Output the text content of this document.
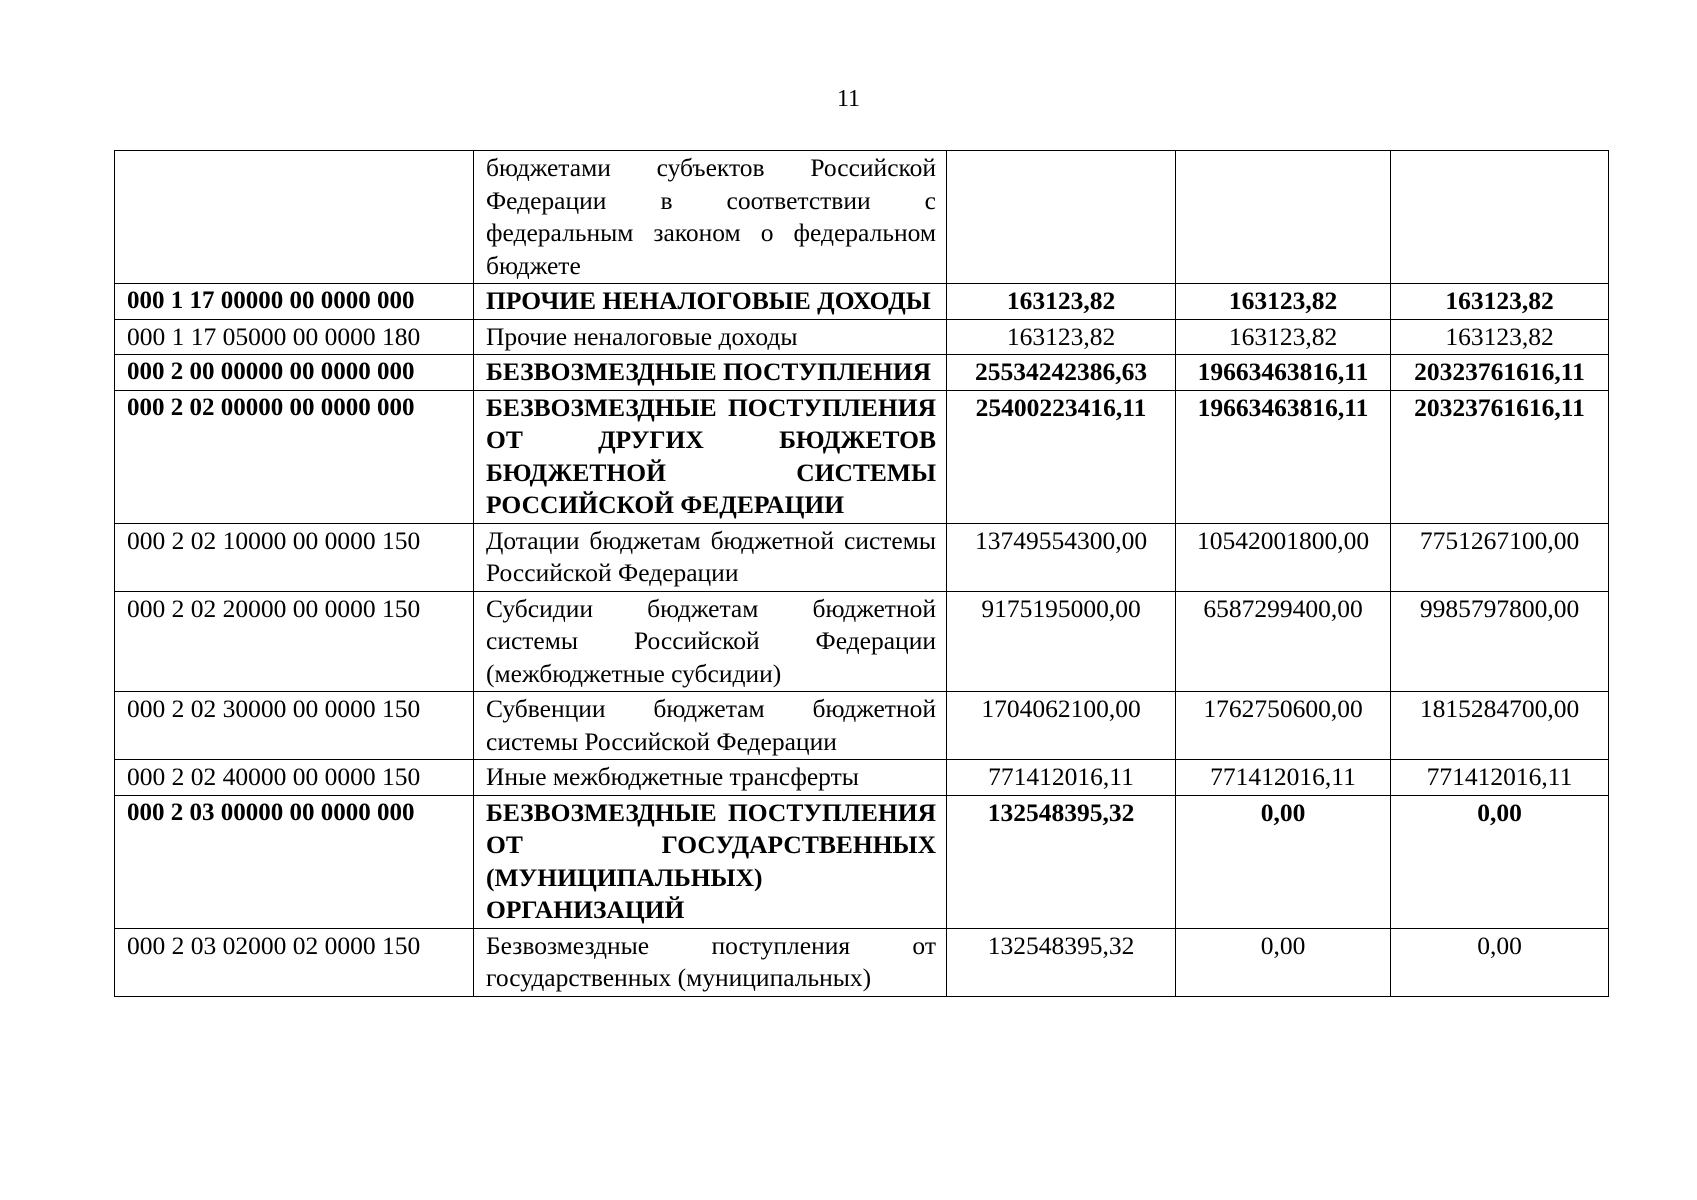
11
	бюджетами субъектов Российской Федерации в соответствии с федеральным законом о федеральном бюджете			
000 1 17 00000 00 0000 000	ПРОЧИЕ НЕНАЛОГОВЫЕ ДОХОДЫ	163123,82	163123,82	163123,82
000 1 17 05000 00 0000 180	Прочие неналоговые доходы	163123,82	163123,82	163123,82
000 2 00 00000 00 0000 000	БЕЗВОЗМЕЗДНЫЕ ПОСТУПЛЕНИЯ	25534242386,63	19663463816,11	20323761616,11
000 2 02 00000 00 0000 000	БЕЗВОЗМЕЗДНЫЕ ПОСТУПЛЕНИЯ ОТ ДРУГИХ БЮДЖЕТОВ БЮДЖЕТНОЙ СИСТЕМЫ РОССИЙСКОЙ ФЕДЕРАЦИИ	25400223416,11	19663463816,11	20323761616,11
000 2 02 10000 00 0000 150	Дотации бюджетам бюджетной системы Российской Федерации	13749554300,00	10542001800,00	7751267100,00
000 2 02 20000 00 0000 150	Субсидии бюджетам бюджетной системы Российской Федерации (межбюджетные субсидии)	9175195000,00	6587299400,00	9985797800,00
000 2 02 30000 00 0000 150	Субвенции бюджетам бюджетной системы Российской Федерации	1704062100,00	1762750600,00	1815284700,00
000 2 02 40000 00 0000 150	Иные межбюджетные трансферты	771412016,11	771412016,11	771412016,11
000 2 03 00000 00 0000 000	БЕЗВОЗМЕЗДНЫЕ ПОСТУПЛЕНИЯ ОТ ГОСУДАРСТВЕННЫХ (МУНИЦИПАЛЬНЫХ) ОРГАНИЗАЦИЙ	132548395,32	0,00	0,00
000 2 03 02000 02 0000 150	Безвозмездные поступления от государственных (муниципальных)	132548395,32	0,00	0,00
